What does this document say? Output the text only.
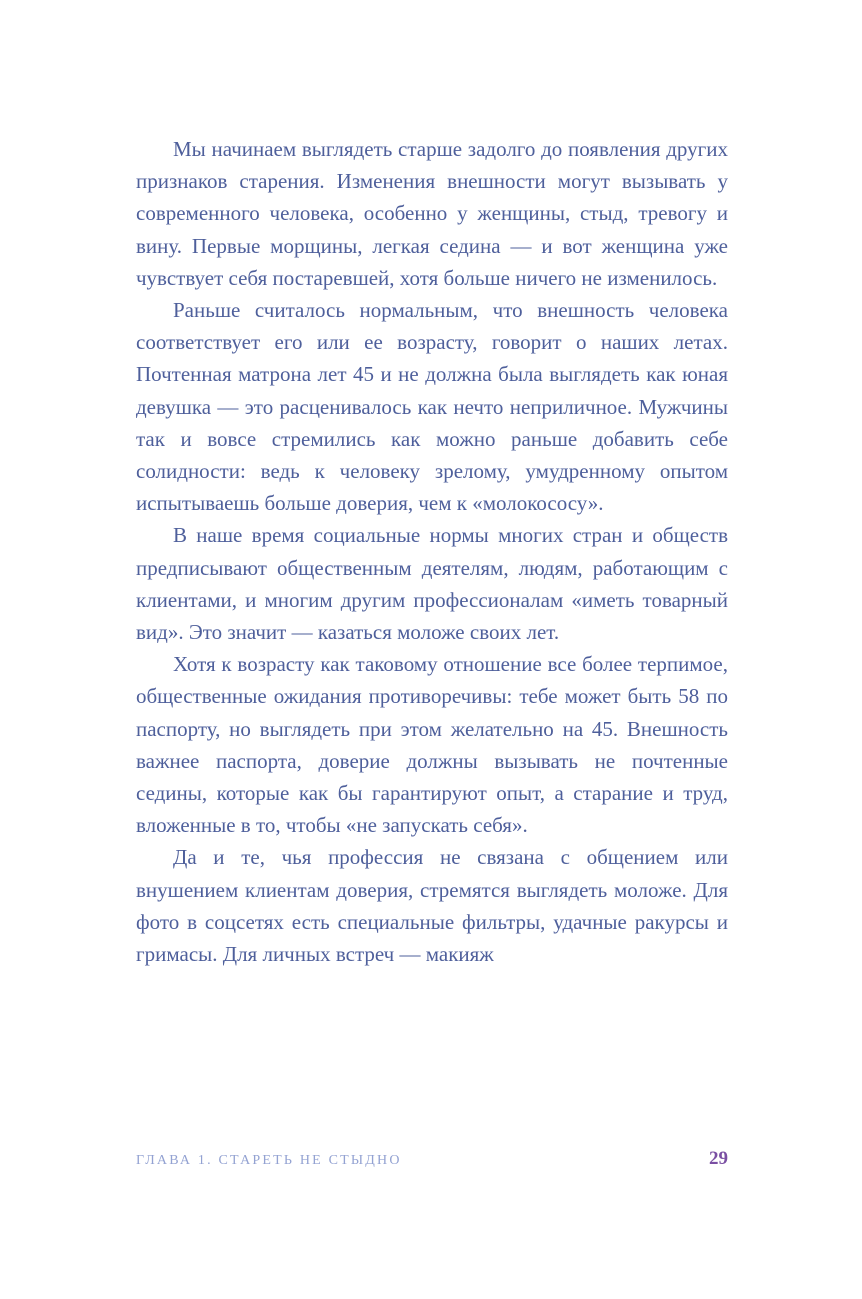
Мы начинаем выглядеть старше задолго до появления других признаков старения. Изменения внешности могут вызывать у современного человека, особенно у женщины, стыд, тревогу и вину. Первые морщины, легкая седина — и вот женщина уже чувствует себя постаревшей, хотя больше ничего не изменилось.

Раньше считалось нормальным, что внешность человека соответствует его или ее возрасту, говорит о наших летах. Почтенная матрона лет 45 и не должна была выглядеть как юная девушка — это расценивалось как нечто неприличное. Мужчины так и вовсе стремились как можно раньше добавить себе солидности: ведь к человеку зрелому, умудренному опытом испытываешь больше доверия, чем к «молокососу».

В наше время социальные нормы многих стран и обществ предписывают общественным деятелям, людям, работающим с клиентами, и многим другим профессионалам «иметь товарный вид». Это значит — казаться моложе своих лет.

Хотя к возрасту как таковому отношение все более терпимое, общественные ожидания противоречивы: тебе может быть 58 по паспорту, но выглядеть при этом желательно на 45. Внешность важнее паспорта, доверие должны вызывать не почтенные седины, которые как бы гарантируют опыт, а старание и труд, вложенные в то, чтобы «не запускать себя».

Да и те, чья профессия не связана с общением или внушением клиентам доверия, стремятся выглядеть моложе. Для фото в соцсетях есть специальные фильтры, удачные ракурсы и гримасы. Для личных встреч — макияж

ГЛАВА 1. СТАРЕТЬ НЕ СТЫДНО	29
